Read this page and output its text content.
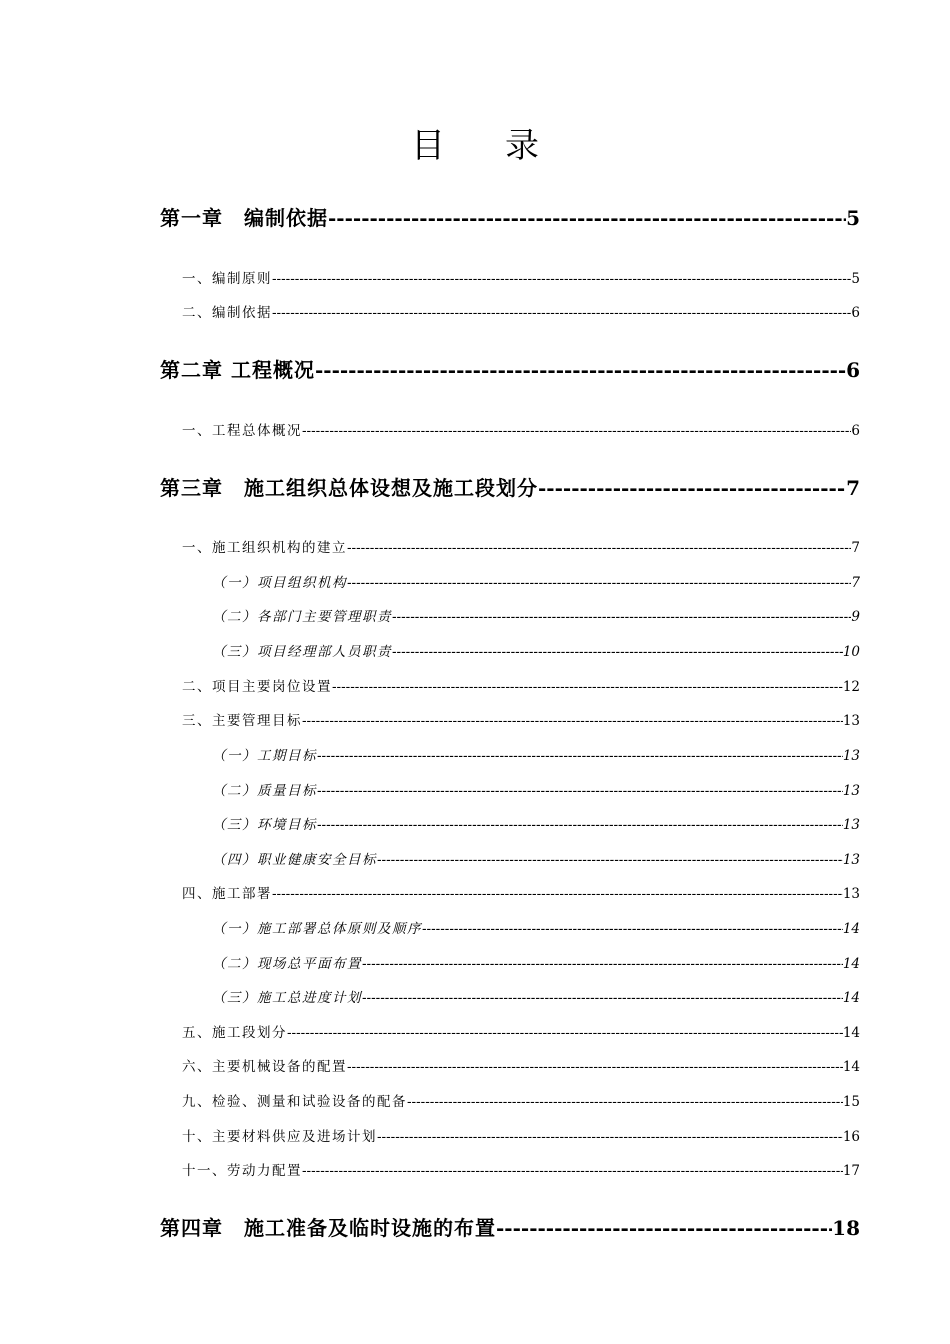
目录
第一章　编制依据 -----	5
一、编制原则 -----	5
二、编制依据 -----	6
第二章 工程概况 -----	6
一、工程总体概况 -----	6
第三章　施工组织总体设想及施工段划分 -----	7
一、施工组织机构的建立 -----	7
（一）项目组织机构 -----	7
（二）各部门主要管理职责 -----	9
（三）项目经理部人员职责 -----	10
二、项目主要岗位设置 -----	12
三、主要管理目标 -----	13
（一）工期目标 -----	13
（二）质量目标 -----	13
（三）环境目标 -----	13
（四）职业健康安全目标 -----	13
四、施工部署 -----	13
（一）施工部署总体原则及顺序 -----	14
（二）现场总平面布置 -----	14
（三）施工总进度计划 -----	14
五、施工段划分 -----	14
六、主要机械设备的配置 -----	14
九、检验、测量和试验设备的配备 -----	15
十、主要材料供应及进场计划 -----	16
十一、劳动力配置 -----	17
第四章　施工准备及临时设施的布置 -----	18
